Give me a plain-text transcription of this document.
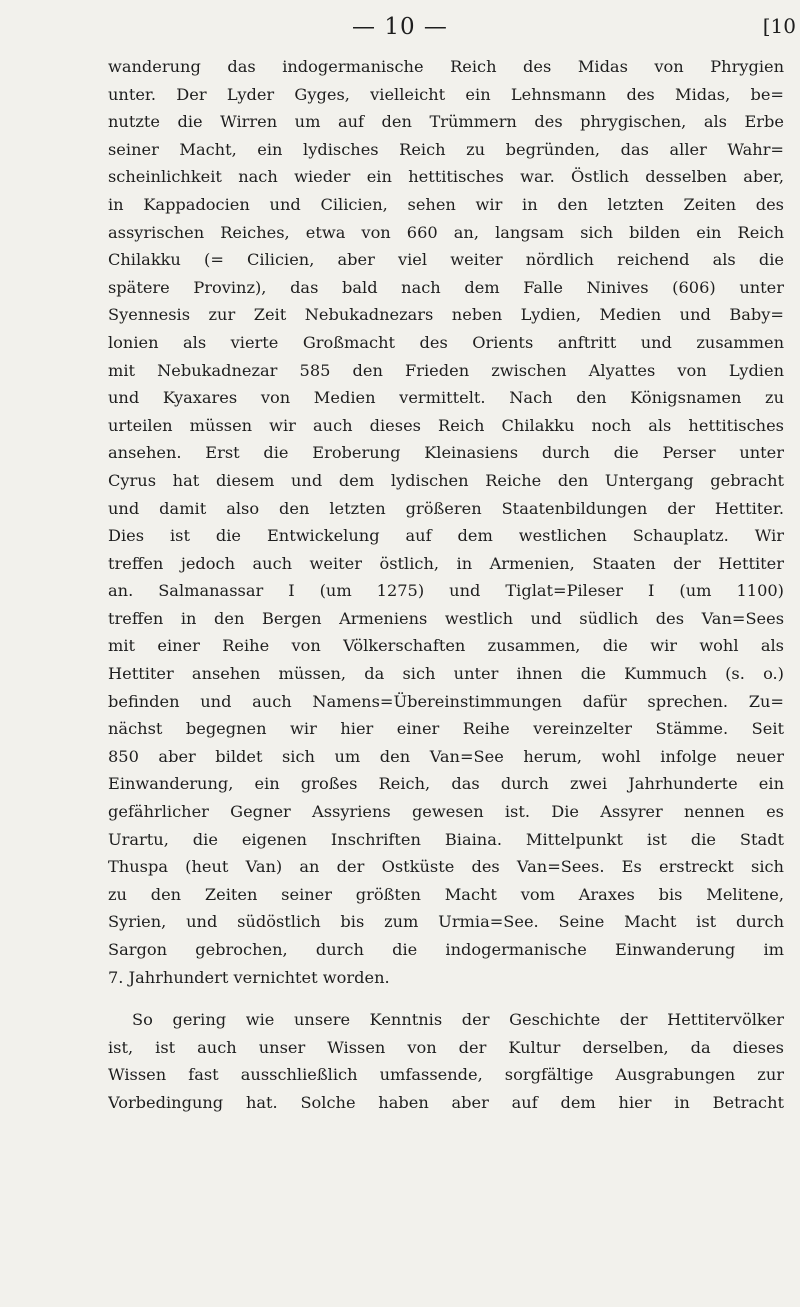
— 10 —	[10
wanderung das indogermanische Reich des Midas von Phrygien
unter. Der Lyder Gyges, vielleicht ein Lehnsmann des Midas, be=
nutzte die Wirren um auf den Trümmern des phrygischen, als Erbe
seiner Macht, ein lydisches Reich zu begründen, das aller Wahr=
scheinlichkeit nach wieder ein hettitisches war. Östlich desselben aber,
in Kappadocien und Cilicien, sehen wir in den letzten Zeiten des
assyrischen Reiches, etwa von 660 an, langsam sich bilden ein Reich
Chilakku (= Cilicien, aber viel weiter nördlich reichend als die
spätere Provinz), das bald nach dem Falle Ninives (606) unter
Syennesis zur Zeit Nebukadnezars neben Lydien, Medien und Baby=
lonien als vierte Großmacht des Orients anftritt und zusammen
mit Nebukadnezar 585 den Frieden zwischen Alyattes von Lydien
und Kyaxares von Medien vermittelt. Nach den Königsnamen zu
urteilen müssen wir auch dieses Reich Chilakku noch als hettitisches
ansehen. Erst die Eroberung Kleinasiens durch die Perser unter
Cyrus hat diesem und dem lydischen Reiche den Untergang gebracht
und damit also den letzten größeren Staatenbildungen der Hettiter.
Dies ist die Entwickelung auf dem westlichen Schauplatz. Wir
treffen jedoch auch weiter östlich, in Armenien, Staaten der Hettiter
an. Salmanassar I (um 1275) und Tiglat=Pileser I (um 1100)
treffen in den Bergen Armeniens westlich und südlich des Van=Sees
mit einer Reihe von Völkerschaften zusammen, die wir wohl als
Hettiter ansehen müssen, da sich unter ihnen die Kummuch (s. o.)
befinden und auch Namens=Übereinstimmungen dafür sprechen. Zu=
nächst begegnen wir hier einer Reihe vereinzelter Stämme. Seit
850 aber bildet sich um den Van=See herum, wohl infolge neuer
Einwanderung, ein großes Reich, das durch zwei Jahrhunderte ein
gefährlicher Gegner Assyriens gewesen ist. Die Assyrer nennen es
Urartu, die eigenen Inschriften Biaina. Mittelpunkt ist die Stadt
Thuspa (heut Van) an der Ostküste des Van=Sees. Es erstreckt sich
zu den Zeiten seiner größten Macht vom Araxes bis Melitene,
Syrien, und südöstlich bis zum Urmia=See. Seine Macht ist durch
Sargon gebrochen, durch die indogermanische Einwanderung im
7. Jahrhundert vernichtet worden.
So gering wie unsere Kenntnis der Geschichte der Hettitervölker
ist, ist auch unser Wissen von der Kultur derselben, da dieses
Wissen fast ausschließlich umfassende, sorgfältige Ausgrabungen zur
Vorbedingung hat. Solche haben aber auf dem hier in Betracht
